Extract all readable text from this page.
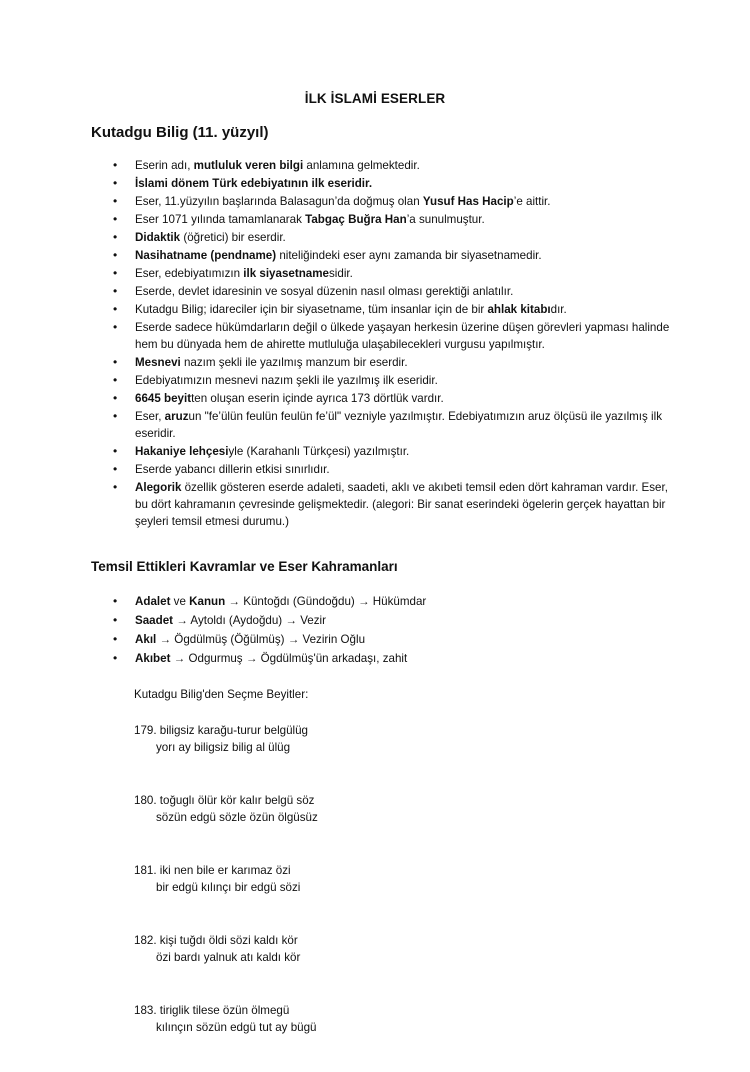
İLK İSLAMİ ESERLER
Kutadgu Bilig (11. yüzyıl)
• Eserin adı, mutluluk veren bilgi anlamına gelmektedir.
• İslami dönem Türk edebiyatının ilk eseridir.
• Eser, 11.yüzyılın başlarında Balasagun’da doğmuş olan Yusuf Has Hacip’e aittir.
• Eser 1071 yılında tamamlanarak Tabgaç Buğra Han’a sunulmuştur.
• Didaktik (öğretici) bir eserdir.
• Nasihatname (pendname) niteliğindeki eser aynı zamanda bir siyasetnamedir.
• Eser, edebiyatımızın ilk siyasetnamesidir.
• Eserde, devlet idaresinin ve sosyal düzenin nasıl olması gerektiği anlatılır.
• Kutadgu Bilig; idareciler için bir siyasetname, tüm insanlar için de bir ahlak kitabıdır.
• Eserde sadece hükümdarların değil o ülkede yaşayan herkesin üzerine düşen görevleri yapması halinde hem bu dünyada hem de ahirette mutluluğa ulaşabilecekleri vurgusu yapılmıştır.
• Mesnevi nazım şekli ile yazılmış manzum bir eserdir.
• Edebiyatımızın mesnevi nazım şekli ile yazılmış ilk eseridir.
• 6645 beyitten oluşan eserin içinde ayrıca 173 dörtlük vardır.
• Eser, aruzun "fe’ülün feulün feulün fe’ül" vezniyle yazılmıştır. Edebiyatımızın aruz ölçüsü ile yazılmış ilk eseridir.
• Hakaniye lehçesiyle (Karahanlı Türkçesi) yazılmıştır.
• Eserde yabancı dillerin etkisi sınırlıdır.
• Alegorik özellik gösteren eserde adaleti, saadeti, aklı ve akıbeti temsil eden dört kahraman vardır. Eser, bu dört kahramanın çevresinde gelişmektedir. (alegori: Bir sanat eserindeki ögelerin gerçek hayattan bir şeyleri temsil etmesi durumu.)
Temsil Ettikleri Kavramlar ve Eser Kahramanları
• Adalet ve Kanun → Küntoğdı (Gündoğdu) → Hükümdar
• Saadet → Aytoldı (Aydoğdu) → Vezir
• Akıl → Ögdülmüş (Öğülmüş) → Vezirin Oğlu
• Akıbet → Odgurmuş → Ögdülmüş'ün arkadaşı, zahit
Kutadgu Bilig'den Seçme Beyitler:
179. biligsiz karağu-turur belgülüg
yorı ay biligsiz bilig al ülüg
180. toğuglı ölür kör kalır belgü söz
sözün edgü sözle özün ölgüsüz
181. iki nen bile er karımaz özi
bir edgü kılınçı bir edgü sözi
182. kişi tuğdı öldi sözi kaldı kör
özi bardı yalnuk atı kaldı kör
183. tiriglik tilese özün ölmegü
kılınçın sözün edgü tut ay bügü
